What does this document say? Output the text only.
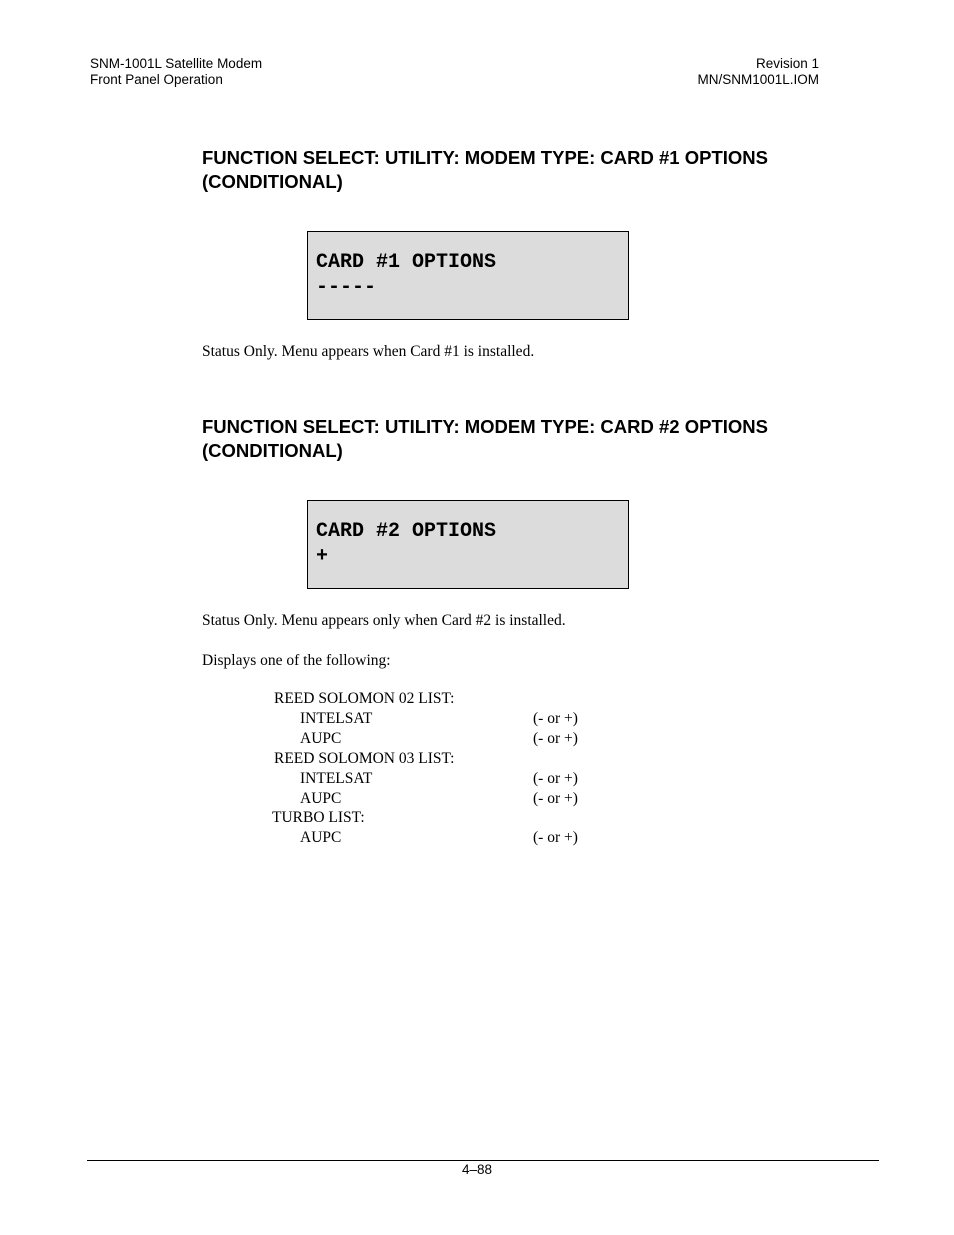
SNM-1001L Satellite Modem
Front Panel Operation
Revision 1
MN/SNM1001L.IOM
FUNCTION SELECT: UTILITY: MODEM TYPE: CARD #1 OPTIONS
(CONDITIONAL)
CARD #1 OPTIONS
-----
Status Only. Menu appears when Card #1 is installed.
FUNCTION SELECT: UTILITY: MODEM TYPE: CARD #2 OPTIONS
(CONDITIONAL)
CARD #2 OPTIONS
+
Status Only. Menu appears only when Card #2 is installed.
Displays one of the following:
REED SOLOMON 02 LIST:
INTELSAT	(- or +)
AUPC	(- or +)
REED SOLOMON 03 LIST:
INTELSAT	(- or +)
AUPC	(- or +)
TURBO LIST:
AUPC	(- or +)
4–88
